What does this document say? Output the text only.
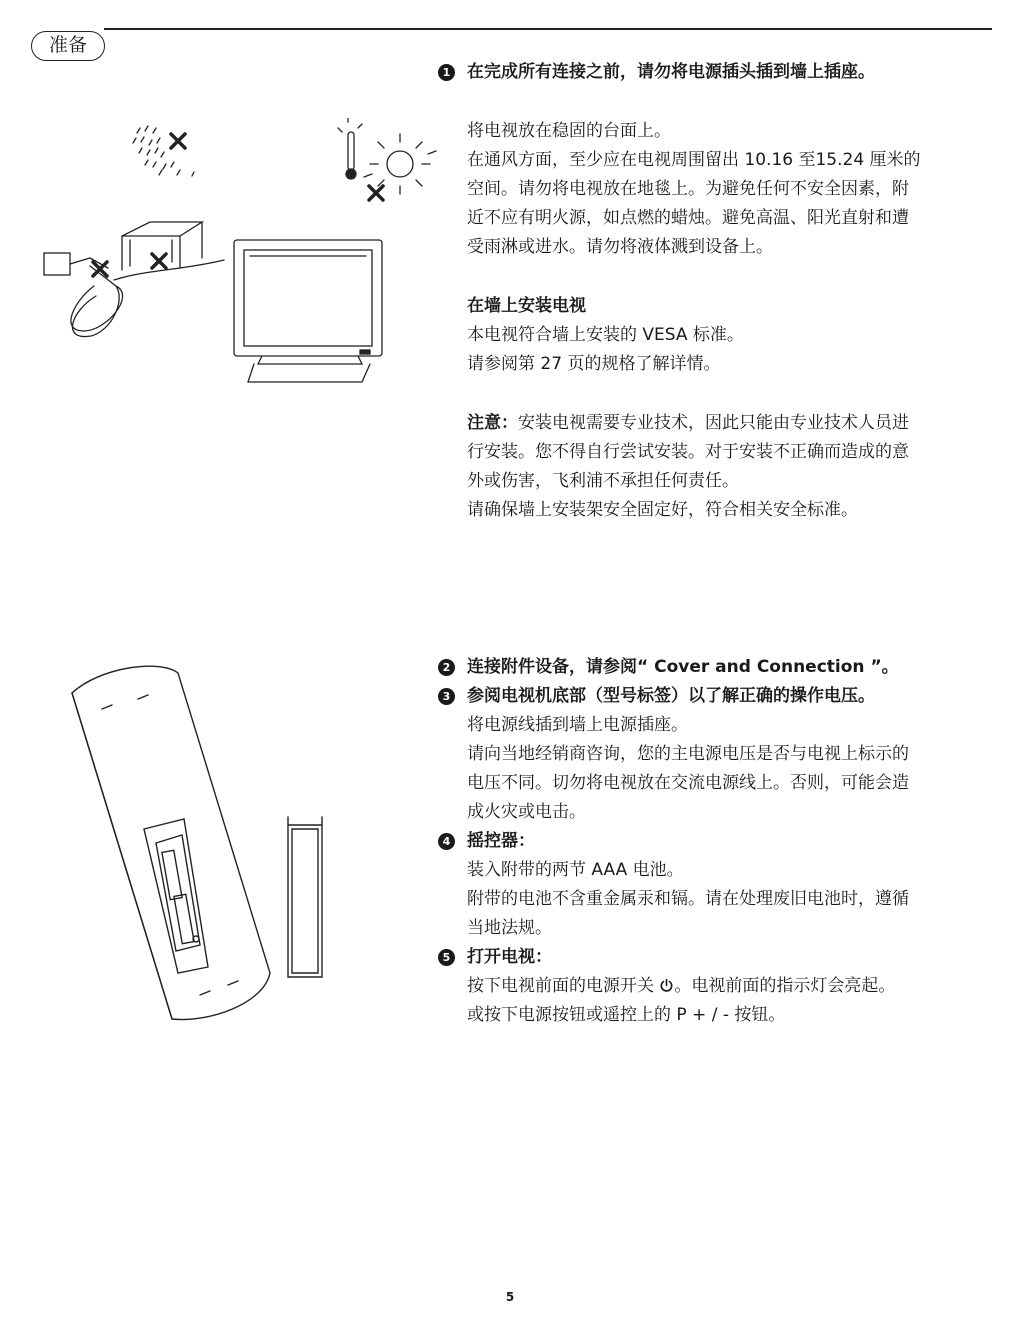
准备
1 在完成所有连接之前，请勿将电源插头插到墙上插座。
将电视放在稳固的台面上。
在通风方面，至少应在电视周围留出 10.16 至15.24 厘米的
空间。请勿将电视放在地毯上。为避免任何不安全因素，附
近不应有明火源，如点燃的蜡烛。避免高温、阳光直射和遭
受雨淋或进水。请勿将液体溅到设备上。
在墙上安装电视
本电视符合墙上安装的 VESA 标准。
请参阅第 27 页的规格了解详情。
注意：安装电视需要专业技术，因此只能由专业技术人员进
行安装。您不得自行尝试安装。对于安装不正确而造成的意
外或伤害，飞利浦不承担任何责任。
请确保墙上安装架安全固定好，符合相关安全标准。
2 连接附件设备，请参阅“ Cover and Connection ”。
3 参阅电视机底部（型号标签）以了解正确的操作电压。
将电源线插到墙上电源插座。
请向当地经销商咨询，您的主电源电压是否与电视上标示的
电压不同。切勿将电视放在交流电源线上。否则，可能会造
成火灾或电击。
4 摇控器：
装入附带的两节 AAA 电池。
附带的电池不含重金属汞和镉。请在处理废旧电池时，遵循
当地法规。
5 打开电视：
按下电视前面的电源开关 。电视前面的指示灯会亮起。
或按下电源按钮或遥控上的 P + / - 按钮。
5
